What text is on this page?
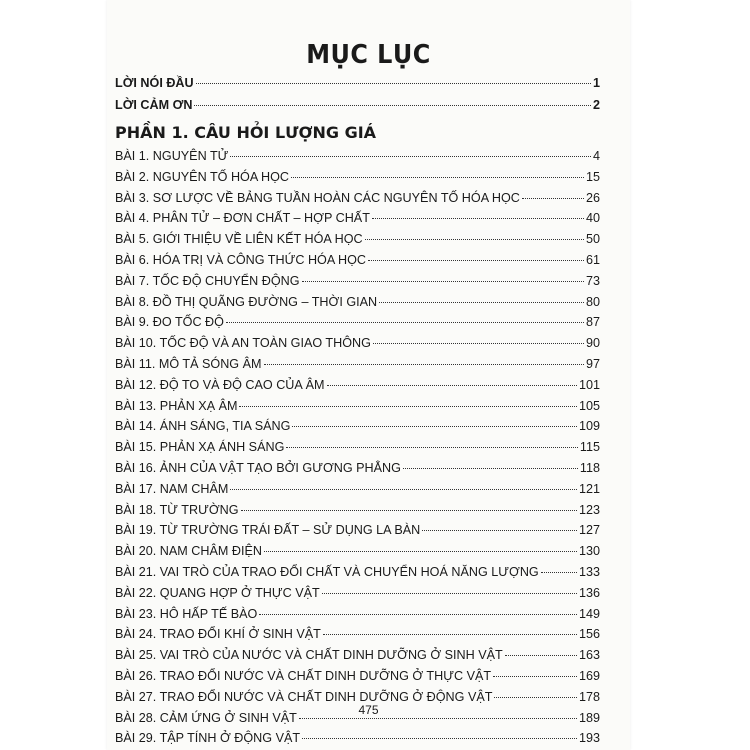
MỤC LỤC
LỜI NÓI ĐẦU	1
LỜI CẢM ƠN	2
PHẦN 1. CÂU HỎI LƯỢNG GIÁ
BÀI 1. NGUYÊN TỬ	4
BÀI 2. NGUYÊN TỐ HÓA HỌC	15
BÀI 3. SƠ LƯỢC VỀ BẢNG TUẦN HOÀN CÁC NGUYÊN TỐ HÓA HỌC	26
BÀI 4. PHÂN TỬ – ĐƠN CHẤT – HỢP CHẤT	40
BÀI 5. GIỚI THIỆU VỀ LIÊN KẾT HÓA HỌC	50
BÀI 6. HÓA TRỊ VÀ CÔNG THỨC HÓA HỌC	61
BÀI 7. TỐC ĐỘ CHUYỂN ĐỘNG	73
BÀI 8. ĐỒ THỊ QUÃNG ĐƯỜNG – THỜI GIAN	80
BÀI 9. ĐO TỐC ĐỘ	87
BÀI 10. TỐC ĐỘ VÀ AN TOÀN GIAO THÔNG	90
BÀI 11. MÔ TẢ SÓNG ÂM	97
BÀI 12. ĐỘ TO VÀ ĐỘ CAO CỦA ÂM	101
BÀI 13. PHẢN XẠ ÂM	105
BÀI 14. ÁNH SÁNG, TIA SÁNG	109
BÀI 15. PHẢN XẠ ÁNH SÁNG	115
BÀI 16. ẢNH CỦA VẬT TẠO BỞI GƯƠNG PHẲNG	118
BÀI 17. NAM CHÂM	121
BÀI 18. TỪ TRƯỜNG	123
BÀI 19. TỪ TRƯỜNG TRÁI ĐẤT – SỬ DỤNG LA BÀN	127
BÀI 20. NAM CHÂM ĐIỆN	130
BÀI 21. VAI TRÒ CỦA TRAO ĐỔI CHẤT VÀ CHUYỂN HOÁ NĂNG LƯỢNG	133
BÀI 22. QUANG HỢP Ở THỰC VẬT	136
BÀI 23. HÔ HẤP TẾ BÀO	149
BÀI 24. TRAO ĐỔI KHÍ Ở SINH VẬT	156
BÀI 25. VAI TRÒ CỦA NƯỚC VÀ CHẤT DINH DƯỠNG Ở SINH VẬT	163
BÀI 26. TRAO ĐỔI NƯỚC VÀ CHẤT DINH DƯỠNG Ở THỰC VẬT	169
BÀI 27. TRAO ĐỔI NƯỚC VÀ CHẤT DINH DƯỠNG Ở ĐỘNG VẬT	178
BÀI 28. CẢM ỨNG Ở SINH VẬT	189
BÀI 29. TẬP TÍNH Ở ĐỘNG VẬT	193
475
